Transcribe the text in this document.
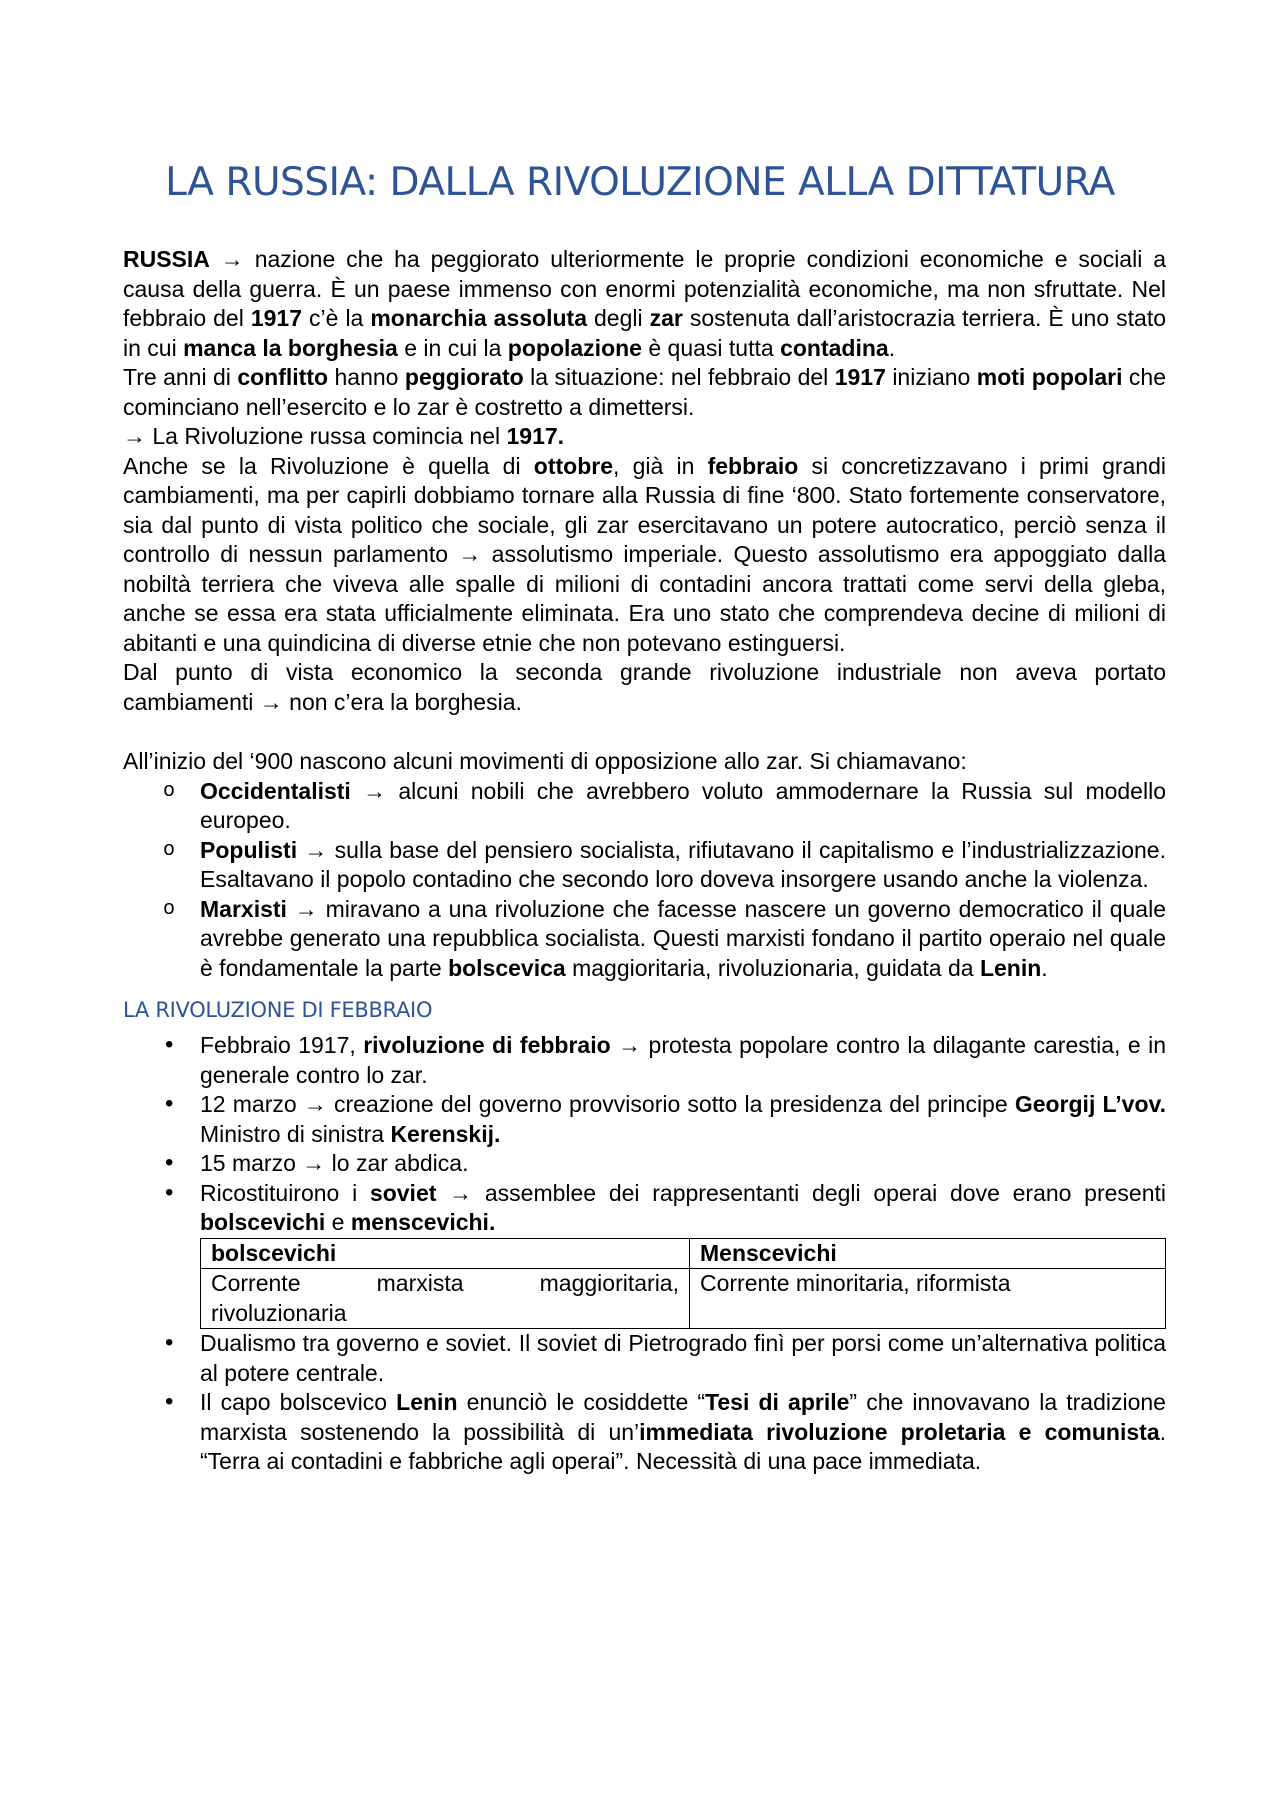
LA RUSSIA: DALLA RIVOLUZIONE ALLA DITTATURA

RUSSIA → nazione che ha peggiorato ulteriormente le proprie condizioni economiche e sociali a causa della guerra. È un paese immenso con enormi potenzialità economiche, ma non sfruttate. Nel febbraio del 1917 c’è la monarchia assoluta degli zar sostenuta dall’aristocrazia terriera. È uno stato in cui manca la borghesia e in cui la popolazione è quasi tutta contadina.

Tre anni di conflitto hanno peggiorato la situazione: nel febbraio del 1917 iniziano moti popolari che cominciano nell’esercito e lo zar è costretto a dimettersi.

→ La Rivoluzione russa comincia nel 1917.

Anche se la Rivoluzione è quella di ottobre, già in febbraio si concretizzavano i primi grandi cambiamenti, ma per capirli dobbiamo tornare alla Russia di fine ‘800. Stato fortemente conservatore, sia dal punto di vista politico che sociale, gli zar esercitavano un potere autocratico, perciò senza il controllo di nessun parlamento → assolutismo imperiale. Questo assolutismo era appoggiato dalla nobiltà terriera che viveva alle spalle di milioni di contadini ancora trattati come servi della gleba, anche se essa era stata ufficialmente eliminata. Era uno stato che comprendeva decine di milioni di abitanti e una quindicina di diverse etnie che non potevano estinguersi.

Dal punto di vista economico la seconda grande rivoluzione industriale non aveva portato cambiamenti → non c’era la borghesia.

All’inizio del ‘900 nascono alcuni movimenti di opposizione allo zar. Si chiamavano:

o Occidentalisti → alcuni nobili che avrebbero voluto ammodernare la Russia sul modello europeo.
o Populisti → sulla base del pensiero socialista, rifiutavano il capitalismo e l’industrializzazione. Esaltavano il popolo contadino che secondo loro doveva insorgere usando anche la violenza.
o Marxisti → miravano a una rivoluzione che facesse nascere un governo democratico il quale avrebbe generato una repubblica socialista. Questi marxisti fondano il partito operaio nel quale è fondamentale la parte bolscevica maggioritaria, rivoluzionaria, guidata da Lenin.
LA RIVOLUZIONE DI FEBBRAIO
• Febbraio 1917, rivoluzione di febbraio → protesta popolare contro la dilagante carestia, e in generale contro lo zar.
• 12 marzo → creazione del governo provvisorio sotto la presidenza del principe Georgij L’vov. Ministro di sinistra Kerenskij.
• 15 marzo → lo zar abdica.
• Ricostituirono i soviet → assemblee dei rappresentanti degli operai dove erano presenti bolscevichi e menscevichi.
bolscevichi	Menscevichi
Corrente marxista maggioritaria, rivoluzionaria	Corrente minoritaria, riformista
• Dualismo tra governo e soviet. Il soviet di Pietrogrado finì per porsi come un’alternativa politica al potere centrale.
• Il capo bolscevico Lenin enunciò le cosiddette “Tesi di aprile” che innovavano la tradizione marxista sostenendo la possibilità di un’immediata rivoluzione proletaria e comunista. “Terra ai contadini e fabbriche agli operai”. Necessità di una pace immediata.
